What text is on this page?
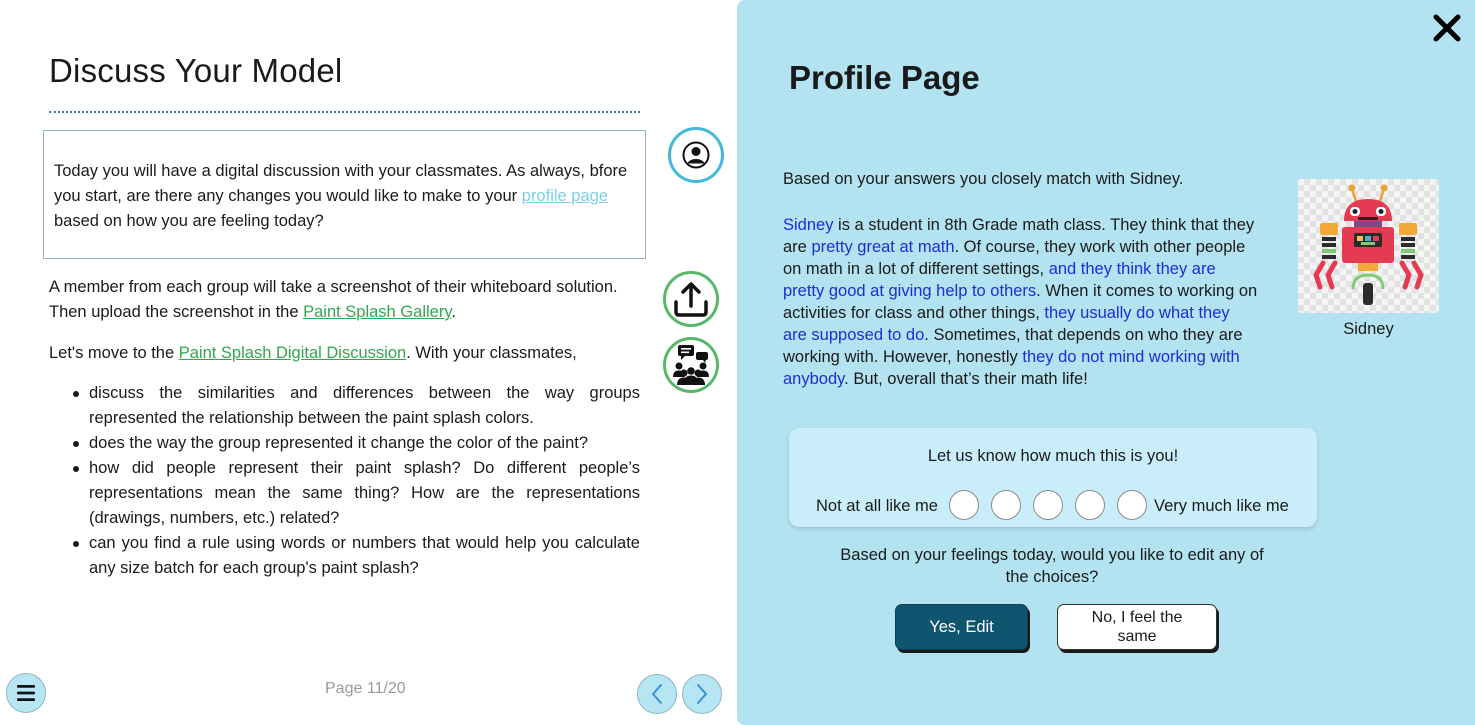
Discuss Your Model
Today you will have a digital discussion with your classmates. As always, bfore you start, are there any changes you would like to make to your profile page based on how you are feeling today?

A member from each group will take a screenshot of their whiteboard solution. Then upload the screenshot in the Paint Splash Gallery.

Let's move to the Paint Splash Digital Discussion. With your classmates,

discuss the similarities and differences between the way groups represented the relationship between the paint splash colors.
does the way the group represented it change the color of the paint?
how did people represent their paint splash? Do different people’s representations mean the same thing? How are the representations (drawings, numbers, etc.) related?
can you find a rule using words or numbers that would help you calculate any size batch for each group's paint splash?
Page 11/20
Profile Page

Based on your answers you closely match with Sidney.

Sidney is a student in 8th Grade math class. They think that they are pretty great at math. Of course, they work with other people on math in a lot of different settings, and they think they are pretty good at giving help to others. When it comes to working on activities for class and other things, they usually do what they are supposed to do. Sometimes, that depends on who they are working with. However, honestly they do not mind working with anybody. But, overall that’s their math life!

Sidney
Let us know how much this is you!
Not at all like me	Very much like me

Based on your feelings today, would you like to edit any of the choices?

Yes, Edit	No, I feel the same
